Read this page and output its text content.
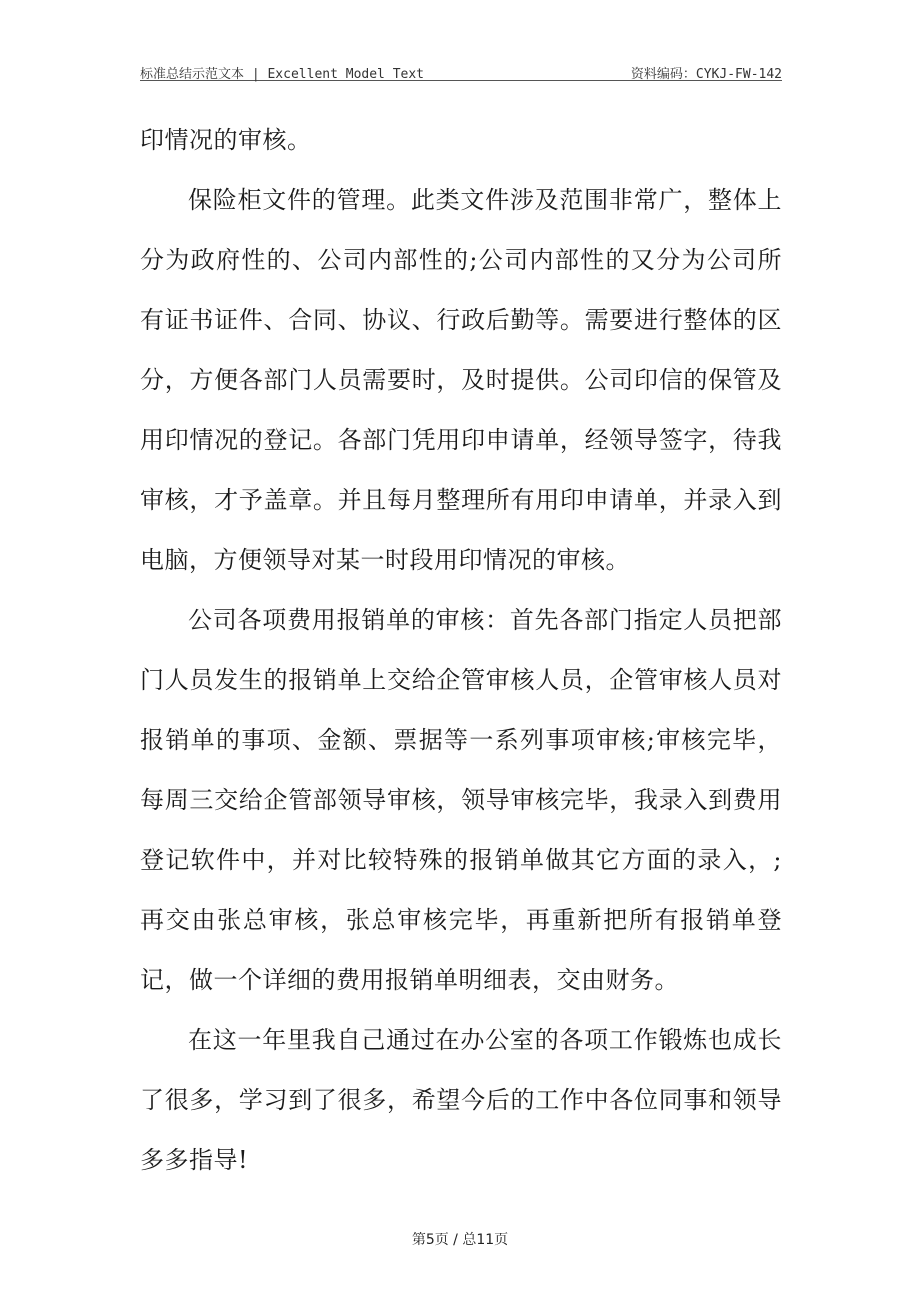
标准总结示范文本 | Excellent Model Text	资料编码：CYKJ-FW-142

印情况的审核。

保险柜文件的管理。此类文件涉及范围非常广，整体上分为政府性的、公司内部性的;公司内部性的又分为公司所有证书证件、合同、协议、行政后勤等。需要进行整体的区分，方便各部门人员需要时，及时提供。公司印信的保管及用印情况的登记。各部门凭用印申请单，经领导签字，待我审核，才予盖章。并且每月整理所有用印申请单，并录入到电脑，方便领导对某一时段用印情况的审核。

公司各项费用报销单的审核：首先各部门指定人员把部门人员发生的报销单上交给企管审核人员，企管审核人员对报销单的事项、金额、票据等一系列事项审核;审核完毕，每周三交给企管部领导审核，领导审核完毕，我录入到费用登记软件中，并对比较特殊的报销单做其它方面的录入，;再交由张总审核，张总审核完毕，再重新把所有报销单登记，做一个详细的费用报销单明细表，交由财务。

在这一年里我自己通过在办公室的各项工作锻炼也成长了很多，学习到了很多，希望今后的工作中各位同事和领导多多指导!

第5页 / 总11页
